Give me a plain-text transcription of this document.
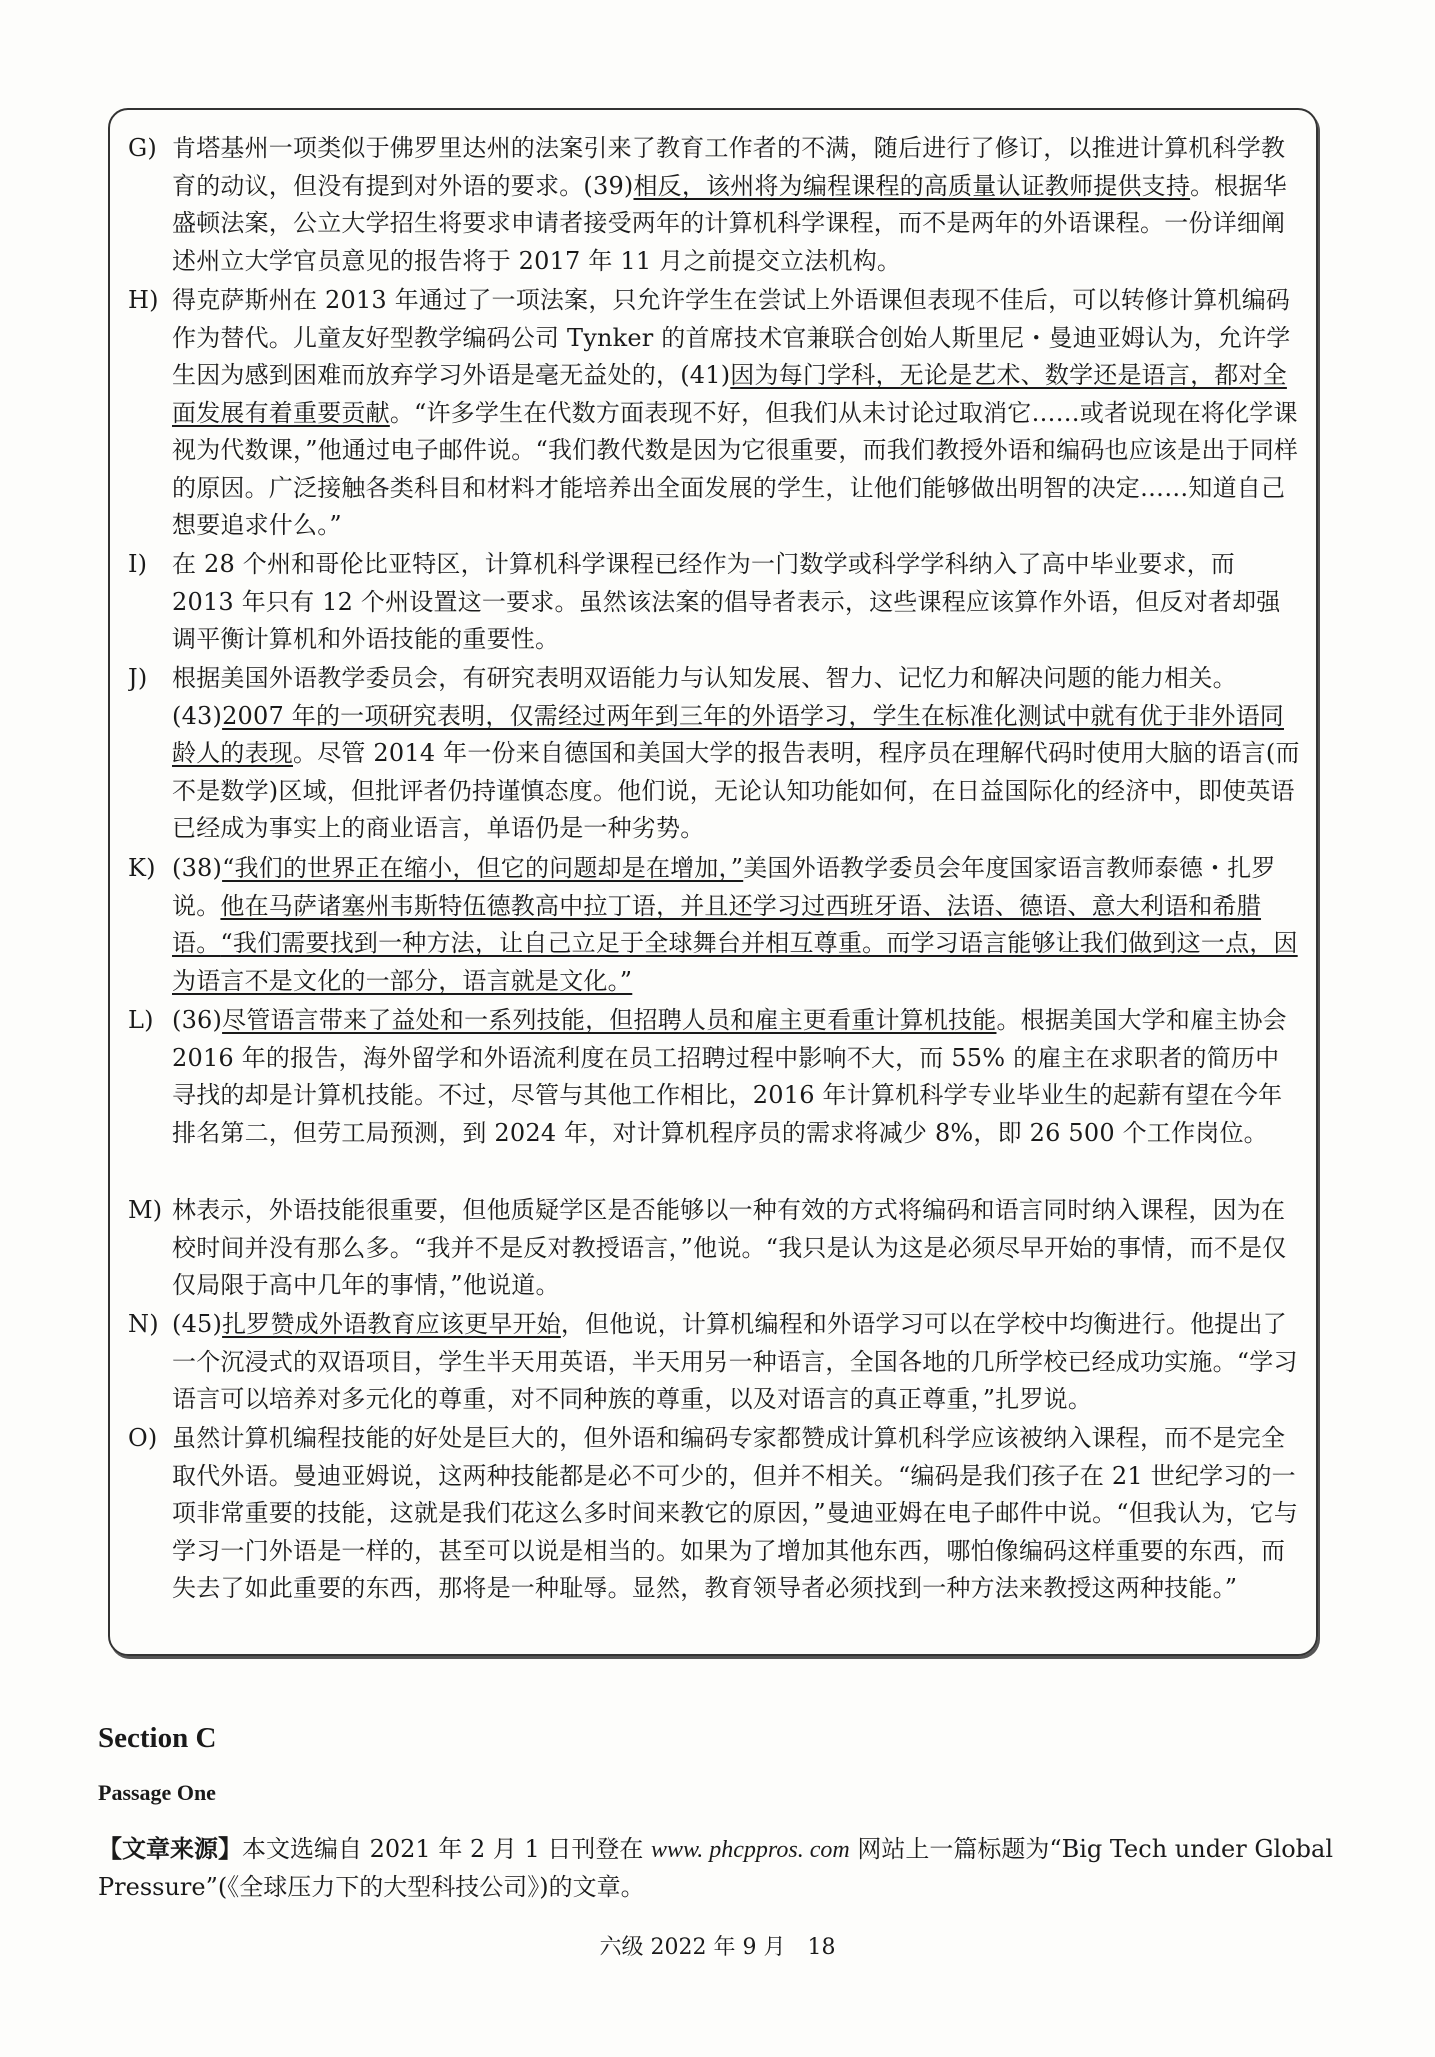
G) 肯塔基州一项类似于佛罗里达州的法案引来了教育工作者的不满，随后进行了修订，以推进计算机科学教育的动议，但没有提到对外语的要求。(39)相反，该州将为编程课程的高质量认证教师提供支持。根据华盛顿法案，公立大学招生将要求申请者接受两年的计算机科学课程，而不是两年的外语课程。一份详细阐述州立大学官员意见的报告将于 2017 年 11 月之前提交立法机构。
H) 得克萨斯州在 2013 年通过了一项法案，只允许学生在尝试上外语课但表现不佳后，可以转修计算机编码作为替代。儿童友好型教学编码公司 Tynker 的首席技术官兼联合创始人斯里尼・曼迪亚姆认为，允许学生因为感到困难而放弃学习外语是毫无益处的，(41)因为每门学科，无论是艺术、数学还是语言，都对全面发展有着重要贡献。“许多学生在代数方面表现不好，但我们从未讨论过取消它……或者说现在将化学课视为代数课，”他通过电子邮件说。“我们教代数是因为它很重要，而我们教授外语和编码也应该是出于同样的原因。广泛接触各类科目和材料才能培养出全面发展的学生，让他们能够做出明智的决定……知道自己想要追求什么。”
I)	在 28 个州和哥伦比亚特区，计算机科学课程已经作为一门数学或科学学科纳入了高中毕业要求，而 2013 年只有 12 个州设置这一要求。虽然该法案的倡导者表示，这些课程应该算作外语，但反对者却强调平衡计算机和外语技能的重要性。
J)	根据美国外语教学委员会，有研究表明双语能力与认知发展、智力、记忆力和解决问题的能力相关。(43)2007 年的一项研究表明，仅需经过两年到三年的外语学习，学生在标准化测试中就有优于非外语同龄人的表现。尽管 2014 年一份来自德国和美国大学的报告表明，程序员在理解代码时使用大脑的语言(而不是数学)区域，但批评者仍持谨慎态度。他们说，无论认知功能如何，在日益国际化的经济中，即使英语已经成为事实上的商业语言，单语仍是一种劣势。
K) (38)“我们的世界正在缩小，但它的问题却是在增加，”美国外语教学委员会年度国家语言教师泰德・扎罗说。他在马萨诸塞州韦斯特伍德教高中拉丁语，并且还学习过西班牙语、法语、德语、意大利语和希腊语。“我们需要找到一种方法，让自己立足于全球舞台并相互尊重。而学习语言能够让我们做到这一点，因为语言不是文化的一部分，语言就是文化。”
L) (36)尽管语言带来了益处和一系列技能，但招聘人员和雇主更看重计算机技能。根据美国大学和雇主协会 2016 年的报告，海外留学和外语流利度在员工招聘过程中影响不大，而 55% 的雇主在求职者的简历中寻找的却是计算机技能。不过，尽管与其他工作相比，2016 年计算机科学专业毕业生的起薪有望在今年排名第二，但劳工局预测，到 2024 年，对计算机程序员的需求将减少 8%，即 26 500 个工作岗位。
M) 林表示，外语技能很重要，但他质疑学区是否能够以一种有效的方式将编码和语言同时纳入课程，因为在校时间并没有那么多。“我并不是反对教授语言，”他说。“我只是认为这是必须尽早开始的事情，而不是仅仅局限于高中几年的事情，”他说道。
N) (45)扎罗赞成外语教育应该更早开始，但他说，计算机编程和外语学习可以在学校中均衡进行。他提出了一个沉浸式的双语项目，学生半天用英语，半天用另一种语言，全国各地的几所学校已经成功实施。“学习语言可以培养对多元化的尊重，对不同种族的尊重，以及对语言的真正尊重，”扎罗说。
O) 虽然计算机编程技能的好处是巨大的，但外语和编码专家都赞成计算机科学应该被纳入课程，而不是完全取代外语。曼迪亚姆说，这两种技能都是必不可少的，但并不相关。“编码是我们孩子在 21 世纪学习的一项非常重要的技能，这就是我们花这么多时间来教它的原因，”曼迪亚姆在电子邮件中说。“但我认为，它与学习一门外语是一样的，甚至可以说是相当的。如果为了增加其他东西，哪怕像编码这样重要的东西，而失去了如此重要的东西，那将是一种耻辱。显然，教育领导者必须找到一种方法来教授这两种技能。”
Section C
Passage One
【文章来源】本文选编自 2021 年 2 月 1 日刊登在 www. phcppros. com 网站上一篇标题为“Big Tech under Global Pressure”(《全球压力下的大型科技公司》)的文章。
六级 2022 年 9 月　18
